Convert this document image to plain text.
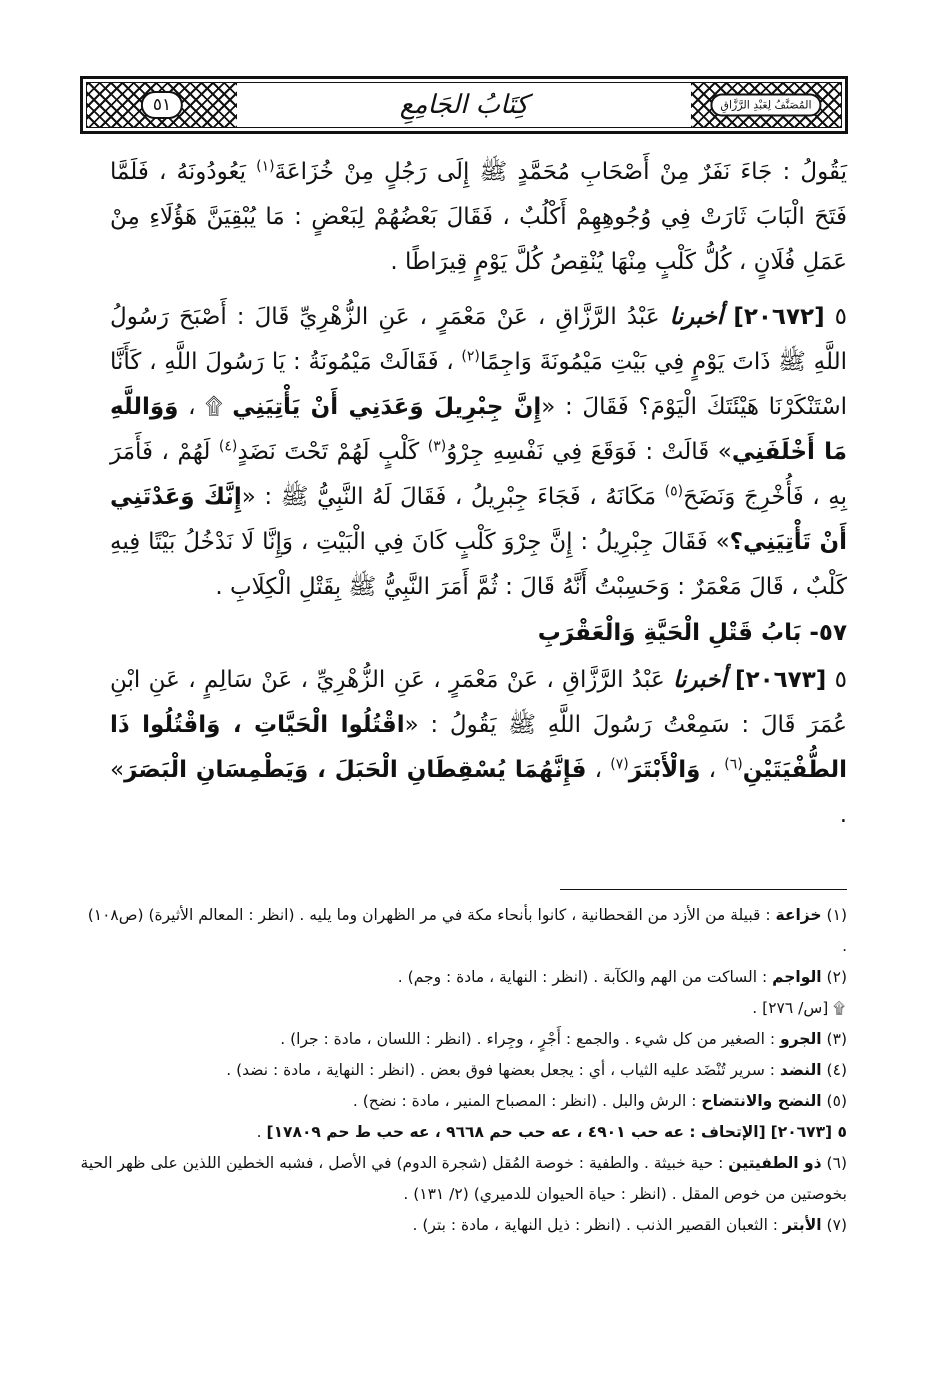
٥١	كِتَابُ الجَامِعِ	المُصَنَّفُ لِعَبْدِ الرَّزَّاقِ

يَقُولُ : جَاءَ نَفَرٌ مِنْ أَصْحَابِ مُحَمَّدٍ ﷺ إِلَى رَجُلٍ مِنْ خُزَاعَةَ$^{(١)}$ يَعُودُونَهُ ، فَلَمَّا فَتَحَ الْبَابَ ثَارَتْ فِي وُجُوهِهِمْ أَكْلُبٌ ، فَقَالَ بَعْضُهُمْ لِبَعْضٍ : مَا يُبْقِيَنَّ هَؤُلَاءِ مِنْ عَمَلِ فُلَانٍ ، كُلُّ كَلْبٍ مِنْهَا يُنْقِصُ كُلَّ يَوْمٍ قِيرَاطًا .

٥ [٢٠٦٧٢] أخبرنا عَبْدُ الرَّزَّاقِ ، عَنْ مَعْمَرٍ ، عَنِ الزُّهْرِيِّ قَالَ : أَصْبَحَ رَسُولُ اللَّهِ ﷺ ذَاتَ يَوْمٍ فِي بَيْتِ مَيْمُونَةَ وَاجِمًا$^{(٢)}$ ، فَقَالَتْ مَيْمُونَةُ : يَا رَسُولَ اللَّهِ ، كَأَنَّا اسْتَنْكَرْنَا هَيْئَتَكَ الْيَوْمَ؟ فَقَالَ : «إِنَّ جِبْرِيلَ وَعَدَنِي أَنْ يَأْتِيَنِي ۩ ، وَوَاللَّهِ مَا أَخْلَفَنِي» قَالَتْ : فَوَقَعَ فِي نَفْسِهِ جِرْوُ$^{(٣)}$ كَلْبٍ لَهُمْ تَحْتَ نَضَدٍ$^{(٤)}$ لَهُمْ ، فَأَمَرَ بِهِ ، فَأُخْرِجَ وَنَضَحَ$^{(٥)}$ مَكَانَهُ ، فَجَاءَ جِبْرِيلُ ، فَقَالَ لَهُ النَّبِيُّ ﷺ : «إِنَّكَ وَعَدْتَنِي أَنْ تَأْتِيَنِي؟» فَقَالَ جِبْرِيلُ : إِنَّ جِرْوَ كَلْبٍ كَانَ فِي الْبَيْتِ ، وَإِنَّا لَا نَدْخُلُ بَيْتًا فِيهِ كَلْبٌ ، قَالَ مَعْمَرٌ : وَحَسِبْتُ أَنَّهُ قَالَ : ثُمَّ أَمَرَ النَّبِيُّ ﷺ بِقَتْلِ الْكِلَابِ .

٥٧- بَابُ قَتْلِ الْحَيَّةِ وَالْعَقْرَبِ

٥ [٢٠٦٧٣] أخبرنا عَبْدُ الرَّزَّاقِ ، عَنْ مَعْمَرٍ ، عَنِ الزُّهْرِيِّ ، عَنْ سَالِمٍ ، عَنِ ابْنِ عُمَرَ قَالَ : سَمِعْتُ رَسُولَ اللَّهِ ﷺ يَقُولُ : «اقْتُلُوا الْحَيَّاتِ ، وَاقْتُلُوا ذَا الطُّفْيَتَيْنِ$^{(٦)}$ ، وَالْأَبْتَرَ$^{(٧)}$ ، فَإِنَّهُمَا يُسْقِطَانِ الْحَبَلَ ، وَيَطْمِسَانِ الْبَصَرَ» .

(١) خزاعة : قبيلة من الأزد من القحطانية ، كانوا بأنحاء مكة في مر الظهران وما يليه . (انظر : المعالم الأثيرة) (ص١٠٨) .

(٢) الواجم : الساكت من الهم والكآبة . (انظر : النهاية ، مادة : وجم) .

۩ [س/ ٢٧٦] .

(٣) الجرو : الصغير من كل شيء . والجمع : أَجْرٍ ، وجِراء . (انظر : اللسان ، مادة : جرا) .

(٤) النضد : سرير تُنْضَد عليه الثياب ، أي : يجعل بعضها فوق بعض . (انظر : النهاية ، مادة : نضد) .

(٥) النضح والانتضاح : الرش والبل . (انظر : المصباح المنير ، مادة : نضح) .

٥ [٢٠٦٧٣] [الإتحاف : عه حب ٤٩٠١ ، عه حب حم ٩٦٦٨ ، عه حب ط حم ١٧٨٠٩] .

(٦) ذو الطفيتين : حية خبيثة . والطفية : خوصة المُقل (شجرة الدوم) في الأصل ، فشبه الخطين اللذين على ظهر الحية بخوصتين من خوص المقل . (انظر : حياة الحيوان للدميري) (٢/ ١٣١) .

(٧) الأبتر : الثعبان القصير الذنب . (انظر : ذيل النهاية ، مادة : بتر) .
